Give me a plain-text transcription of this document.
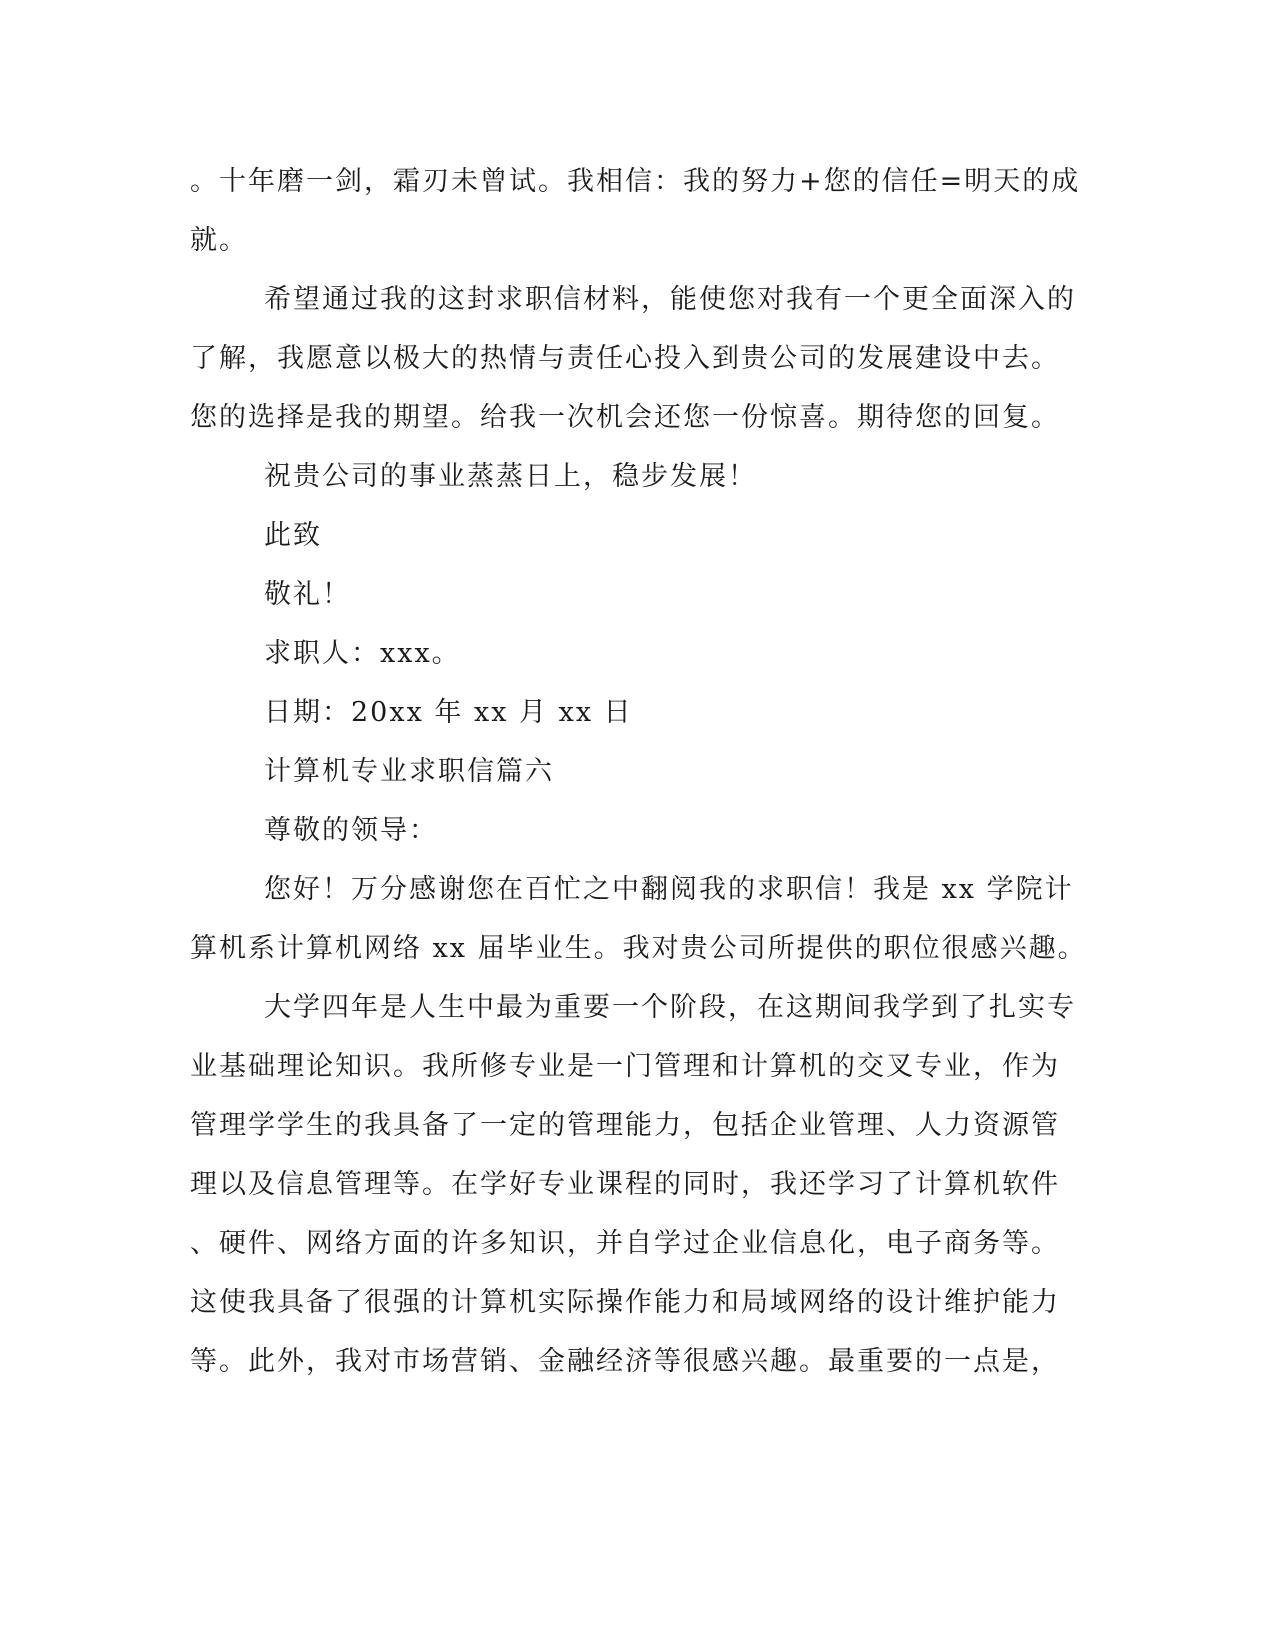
。十年磨一剑，霜刃未曾试。我相信：我的努力+您的信任=明天的成
就。
希望通过我的这封求职信材料，能使您对我有一个更全面深入的
了解，我愿意以极大的热情与责任心投入到贵公司的发展建设中去。
您的选择是我的期望。给我一次机会还您一份惊喜。期待您的回复。
祝贵公司的事业蒸蒸日上，稳步发展！
此致
敬礼！
求职人：xxx。
日期：20xx 年 xx 月 xx 日
计算机专业求职信篇六
尊敬的领导：
您好！万分感谢您在百忙之中翻阅我的求职信！我是 xx 学院计
算机系计算机网络 xx 届毕业生。我对贵公司所提供的职位很感兴趣。
大学四年是人生中最为重要一个阶段，在这期间我学到了扎实专
业基础理论知识。我所修专业是一门管理和计算机的交叉专业，作为
管理学学生的我具备了一定的管理能力，包括企业管理、人力资源管
理以及信息管理等。在学好专业课程的同时，我还学习了计算机软件
、硬件、网络方面的许多知识，并自学过企业信息化，电子商务等。
这使我具备了很强的计算机实际操作能力和局域网络的设计维护能力
等。此外，我对市场营销、金融经济等很感兴趣。最重要的一点是，
